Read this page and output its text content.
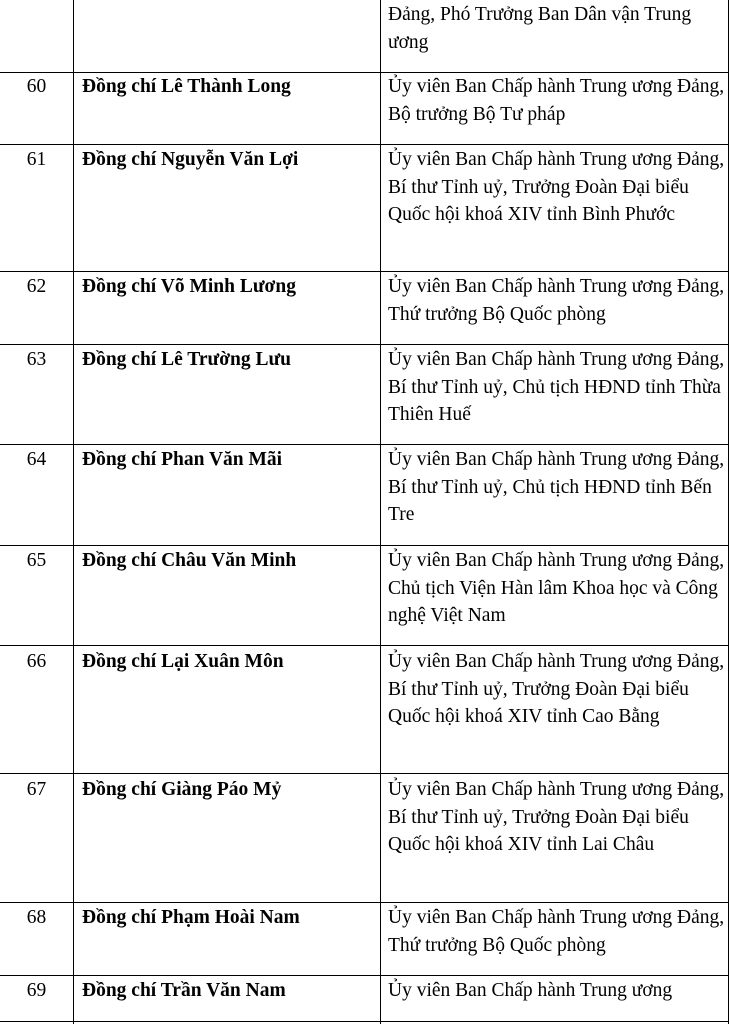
Đảng, Phó Trưởng Ban Dân vận Trung ương
60	Đồng chí Lê Thành Long	Ủy viên Ban Chấp hành Trung ương Đảng, Bộ trưởng Bộ Tư pháp
61	Đồng chí Nguyễn Văn Lợi	Ủy viên Ban Chấp hành Trung ương Đảng, Bí thư Tỉnh uỷ, Trưởng Đoàn Đại biểu Quốc hội khoá XIV tỉnh Bình Phước
62	Đồng chí Võ Minh Lương	Ủy viên Ban Chấp hành Trung ương Đảng, Thứ trưởng Bộ Quốc phòng
63	Đồng chí Lê Trường Lưu	Ủy viên Ban Chấp hành Trung ương Đảng, Bí thư Tỉnh uỷ, Chủ tịch HĐND tỉnh Thừa Thiên Huế
64	Đồng chí Phan Văn Mãi	Ủy viên Ban Chấp hành Trung ương Đảng, Bí thư Tỉnh uỷ, Chủ tịch HĐND tỉnh Bến Tre
65	Đồng chí Châu Văn Minh	Ủy viên Ban Chấp hành Trung ương Đảng, Chủ tịch Viện Hàn lâm Khoa học và Công nghệ Việt Nam
66	Đồng chí Lại Xuân Môn	Ủy viên Ban Chấp hành Trung ương Đảng, Bí thư Tỉnh uỷ, Trưởng Đoàn Đại biểu Quốc hội khoá XIV tỉnh Cao Bằng
67	Đồng chí Giàng Páo Mỷ	Ủy viên Ban Chấp hành Trung ương Đảng, Bí thư Tỉnh uỷ, Trưởng Đoàn Đại biểu Quốc hội khoá XIV tỉnh Lai Châu
68	Đồng chí Phạm Hoài Nam	Ủy viên Ban Chấp hành Trung ương Đảng, Thứ trưởng Bộ Quốc phòng
69	Đồng chí Trần Văn Nam	Ủy viên Ban Chấp hành Trung ương
